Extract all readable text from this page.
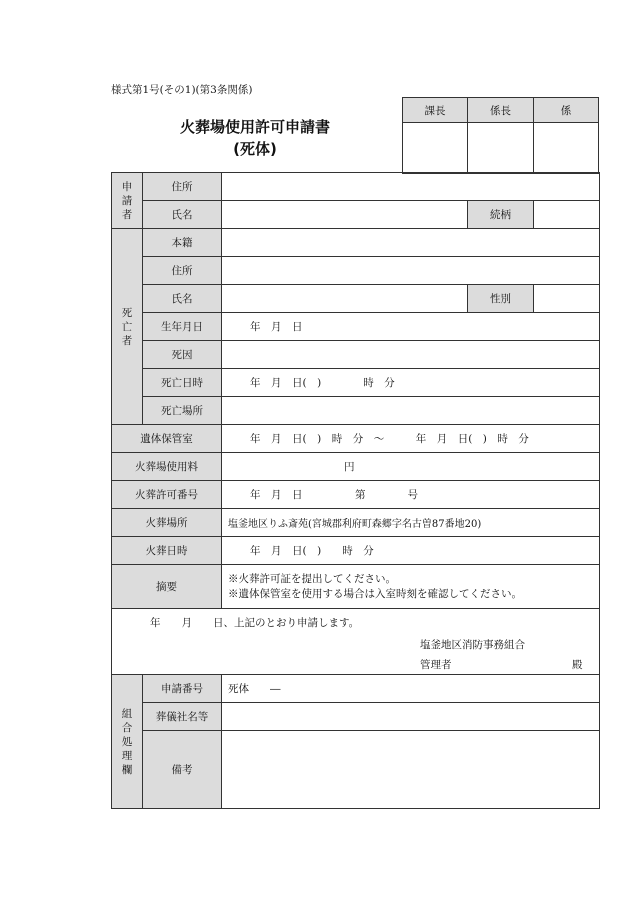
様式第1号(その1)(第3条関係)
火葬場使用許可申請書
(死体)
課長	係長	係

申
請
者	住所			
	氏名		続柄	

死
亡
者	本籍			
	住所			
	氏名		性別	
	生年月日	年　月　日		
	死因			
	死亡日時	年　月　日(　)　　　　時　分		
	死亡場所			
遺体保管室		年　月　日(　)　時　分　～　　　年　月　日(　)　時　分		
火葬場使用料		円		
火葬許可番号		年　月　日　　　　　第　　　　号		
火葬場所		塩釜地区りふ斎苑(宮城郡利府町森郷字名古曽87番地20)		
火葬日時		年　月　日(　)　　時　分		
摘要		※火葬許可証を提出してください。
※遺体保管室を使用する場合は入室時刻を確認してください。		

年　　月　　日、上記のとおり申請します。
塩釜地区消防事務組合
管理者 殿				

組
合
処
理
欄	申請番号	死体　　―		
	葬儀社名等			
	備考			
